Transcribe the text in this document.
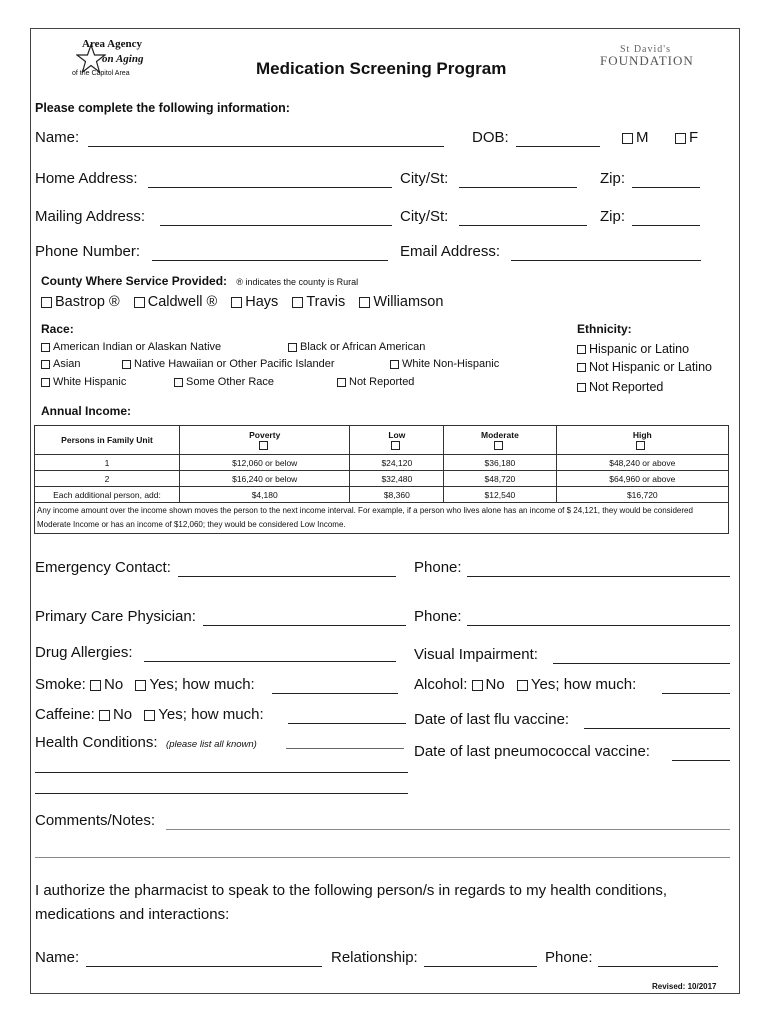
Area Agency
on Aging
of the Capitol Area	Medication Screening Program
St David's
FOUNDATION
Please complete the following information:
Name:	DOB:	M	F
Home Address:	City/St:	Zip:
Mailing Address:	City/St:	Zip:
Phone Number:	Email Address:
County Where Service Provided: ® indicates the county is Rural
Bastrop ® Caldwell ® Hays Travis Williamson
Race:
American Indian or Alaskan Native	Black or African American
Asian	Native Hawaiian or Other Pacific Islander	White Non-Hispanic
White Hispanic	Some Other Race	Not Reported
Ethnicity:
Hispanic or Latino
Not Hispanic or Latino
Not Reported
Annual Income:
Persons in Family Unit	Poverty	Low	Moderate	High

1	$12,060 or below	$24,120	$36,180	$48,240 or above
2	$16,240 or below	$32,480	$48,720	$64,960 or above
Each additional person, add:	$4,180	$8,360	$12,540	$16,720
Any income amount over the income shown moves the person to the next income interval. For example, if a person who lives alone has an income of $ 24,121, they would be considered Moderate Income or has an income of $12,060; they would be considered Low Income.				
Emergency Contact:	Phone:
Primary Care Physician:	Phone:
Drug Allergies:	Visual Impairment:
Smoke: No Yes; how much:	Alcohol: No Yes; how much:
Caffeine: No Yes; how much:	Date of last flu vaccine:
Health Conditions: (please list all known)	Date of last pneumococcal vaccine:
Comments/Notes:
I authorize the pharmacist to speak to the following person/s in regards to my health conditions,
medications and interactions:
Name:	Relationship:	Phone:
Revised: 10/2017
